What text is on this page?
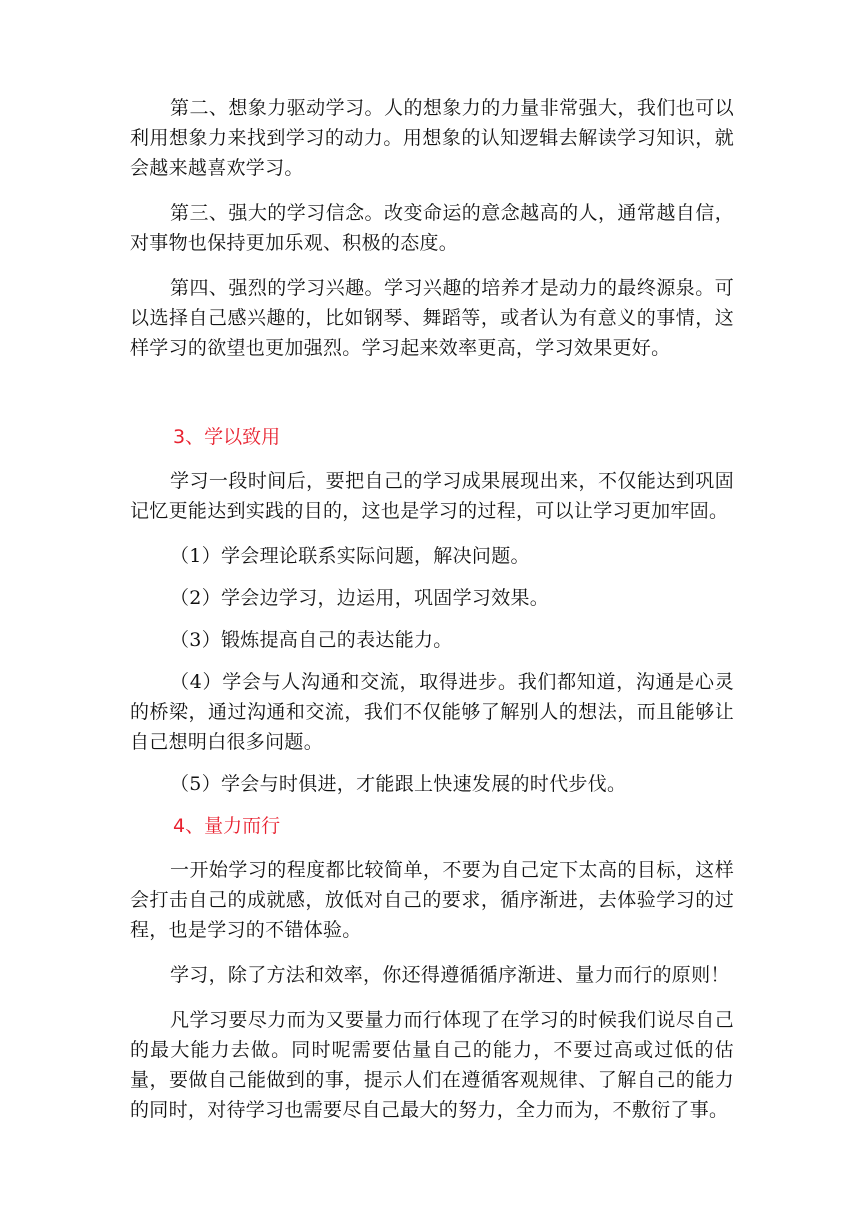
第二、想象力驱动学习。人的想象力的力量非常强大，我们也可以利用想象力来找到学习的动力。用想象的认知逻辑去解读学习知识，就会越来越喜欢学习。

第三、强大的学习信念。改变命运的意念越高的人，通常越自信，对事物也保持更加乐观、积极的态度。

第四、强烈的学习兴趣。学习兴趣的培养才是动力的最终源泉。可以选择自己感兴趣的，比如钢琴、舞蹈等，或者认为有意义的事情，这样学习的欲望也更加强烈。学习起来效率更高，学习效果更好。

3、学以致用

学习一段时间后，要把自己的学习成果展现出来，不仅能达到巩固记忆更能达到实践的目的，这也是学习的过程，可以让学习更加牢固。

（1）学会理论联系实际问题，解决问题。

（2）学会边学习，边运用，巩固学习效果。

（3）锻炼提高自己的表达能力。

（4）学会与人沟通和交流，取得进步。我们都知道，沟通是心灵的桥梁，通过沟通和交流，我们不仅能够了解别人的想法，而且能够让自己想明白很多问题。

（5）学会与时俱进，才能跟上快速发展的时代步伐。

4、量力而行

一开始学习的程度都比较简单，不要为自己定下太高的目标，这样会打击自己的成就感，放低对自己的要求，循序渐进，去体验学习的过程，也是学习的不错体验。

学习，除了方法和效率，你还得遵循循序渐进、量力而行的原则！

凡学习要尽力而为又要量力而行体现了在学习的时候我们说尽自己的最大能力去做。同时呢需要估量自己的能力，不要过高或过低的估量，要做自己能做到的事，提示人们在遵循客观规律、了解自己的能力的同时，对待学习也需要尽自己最大的努力，全力而为，不敷衍了事。
